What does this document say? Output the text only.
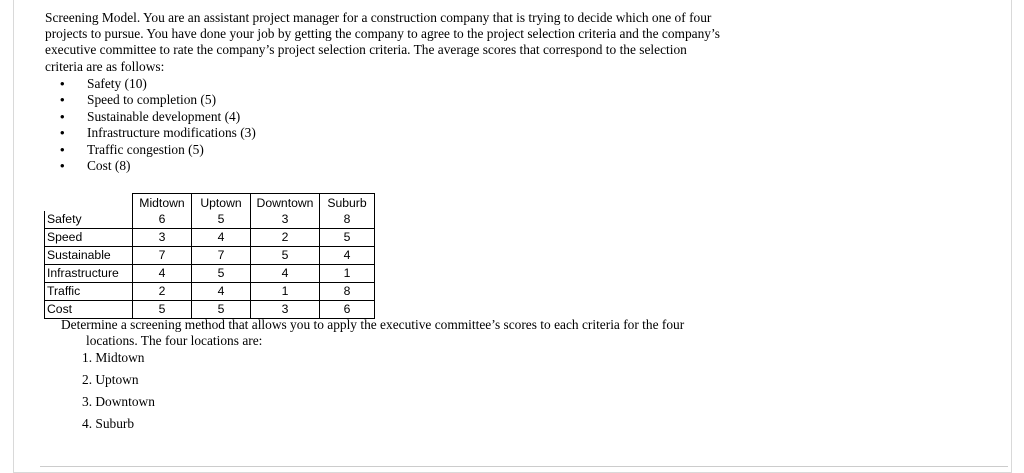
Screening Model. You are an assistant project manager for a construction company that is trying to decide which one of four
projects to pursue. You have done your job by getting the company to agree to the project selection criteria and the company’s
executive committee to rate the company’s project selection criteria. The average scores that correspond to the selection
criteria are as follows:
• Safety (10)
• Speed to completion (5)
• Sustainable development (4)
• Infrastructure modifications (3)
• Traffic congestion (5)
• Cost (8)
	Midtown	Uptown	Downtown	Suburb
Safety	6	5	3	8
Speed	3	4	2	5
Sustainable	7	7	5	4
Infrastructure	4	5	4	1
Traffic	2	4	1	8
Cost	5	5	3	6
Determine a screening method that allows you to apply the executive committee’s scores to each criteria for the four
locations. The four locations are:
1. Midtown
2. Uptown
3. Downtown
4. Suburb
